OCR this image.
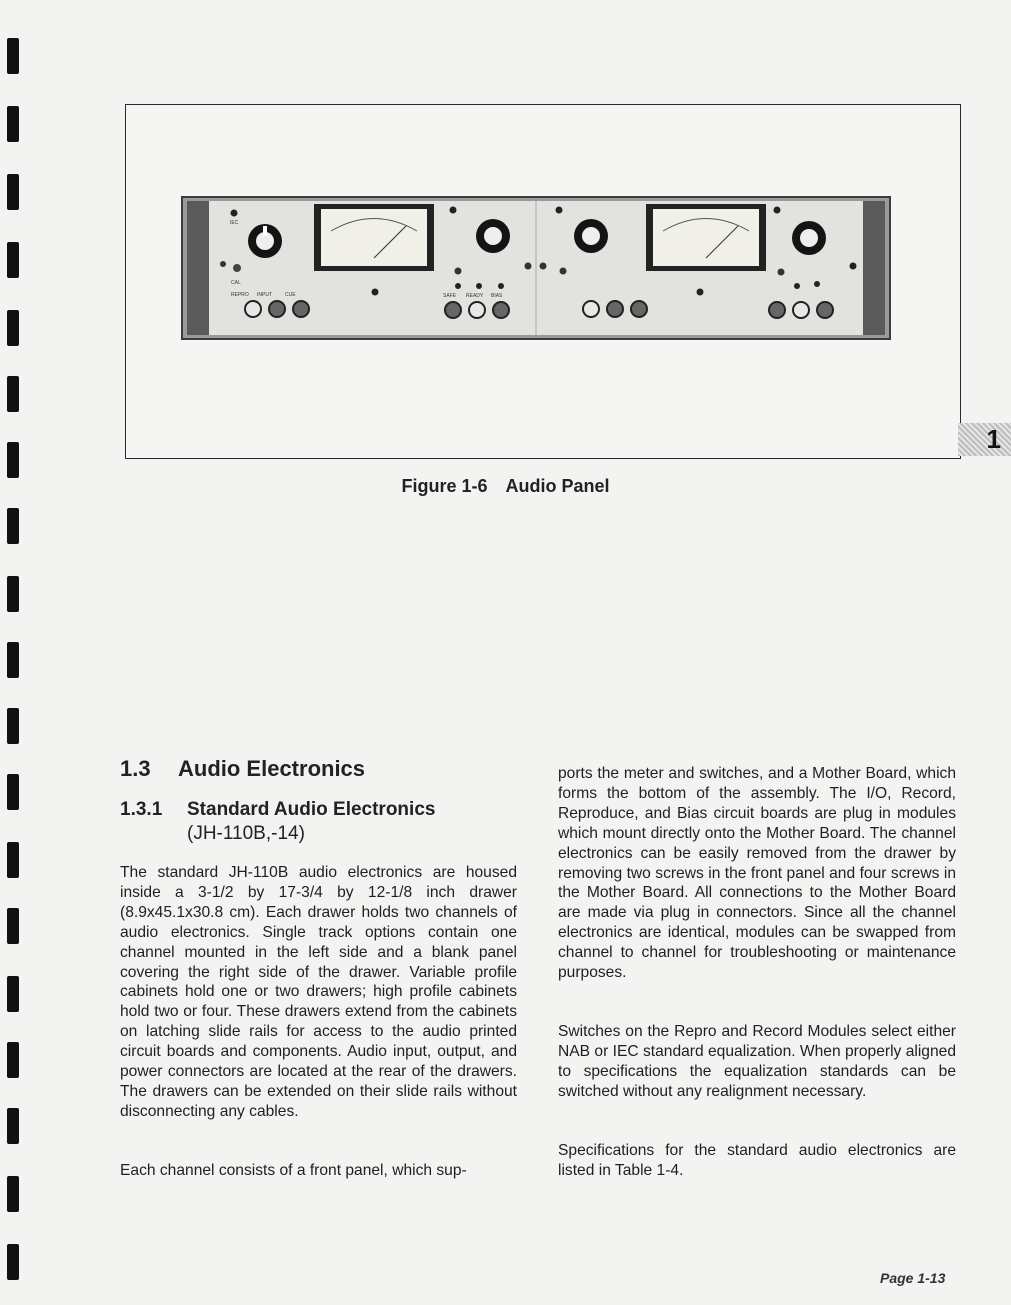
IEC
CAL
REPRO INPUT	CUE	SAFE READY BIAS
Figure 1-6 Audio Panel
1
1.3 Audio Electronics
1.3.1 Standard Audio Electronics
(JH-110B,-14)

The standard JH-110B audio electronics are housed inside a 3-1/2 by 17-3/4 by 12-1/8 inch drawer (8.9x45.1x30.8 cm). Each drawer holds two channels of audio electronics. Single track options contain one channel mounted in the left side and a blank panel covering the right side of the drawer. Variable profile cabinets hold one or two drawers; high profile cabinets hold two or four. These drawers extend from the cabinets on latching slide rails for access to the audio printed circuit boards and components. Audio input, output, and power connectors are located at the rear of the drawers. The drawers can be extended on their slide rails without disconnecting any cables.

Each channel consists of a front panel, which sup-

ports the meter and switches, and a Mother Board, which forms the bottom of the assembly. The I/O, Record, Reproduce, and Bias circuit boards are plug in modules which mount directly onto the Mother Board. The channel electronics can be easily removed from the drawer by removing two screws in the front panel and four screws in the Mother Board. All connections to the Mother Board are made via plug in connectors. Since all the channel electronics are identical, modules can be swapped from channel to channel for troubleshooting or maintenance purposes.

Switches on the Repro and Record Modules select either NAB or IEC standard equalization. When properly aligned to specifications the equalization standards can be switched without any realignment necessary.

Specifications for the standard audio electronics are listed in Table 1-4.

Page 1-13
